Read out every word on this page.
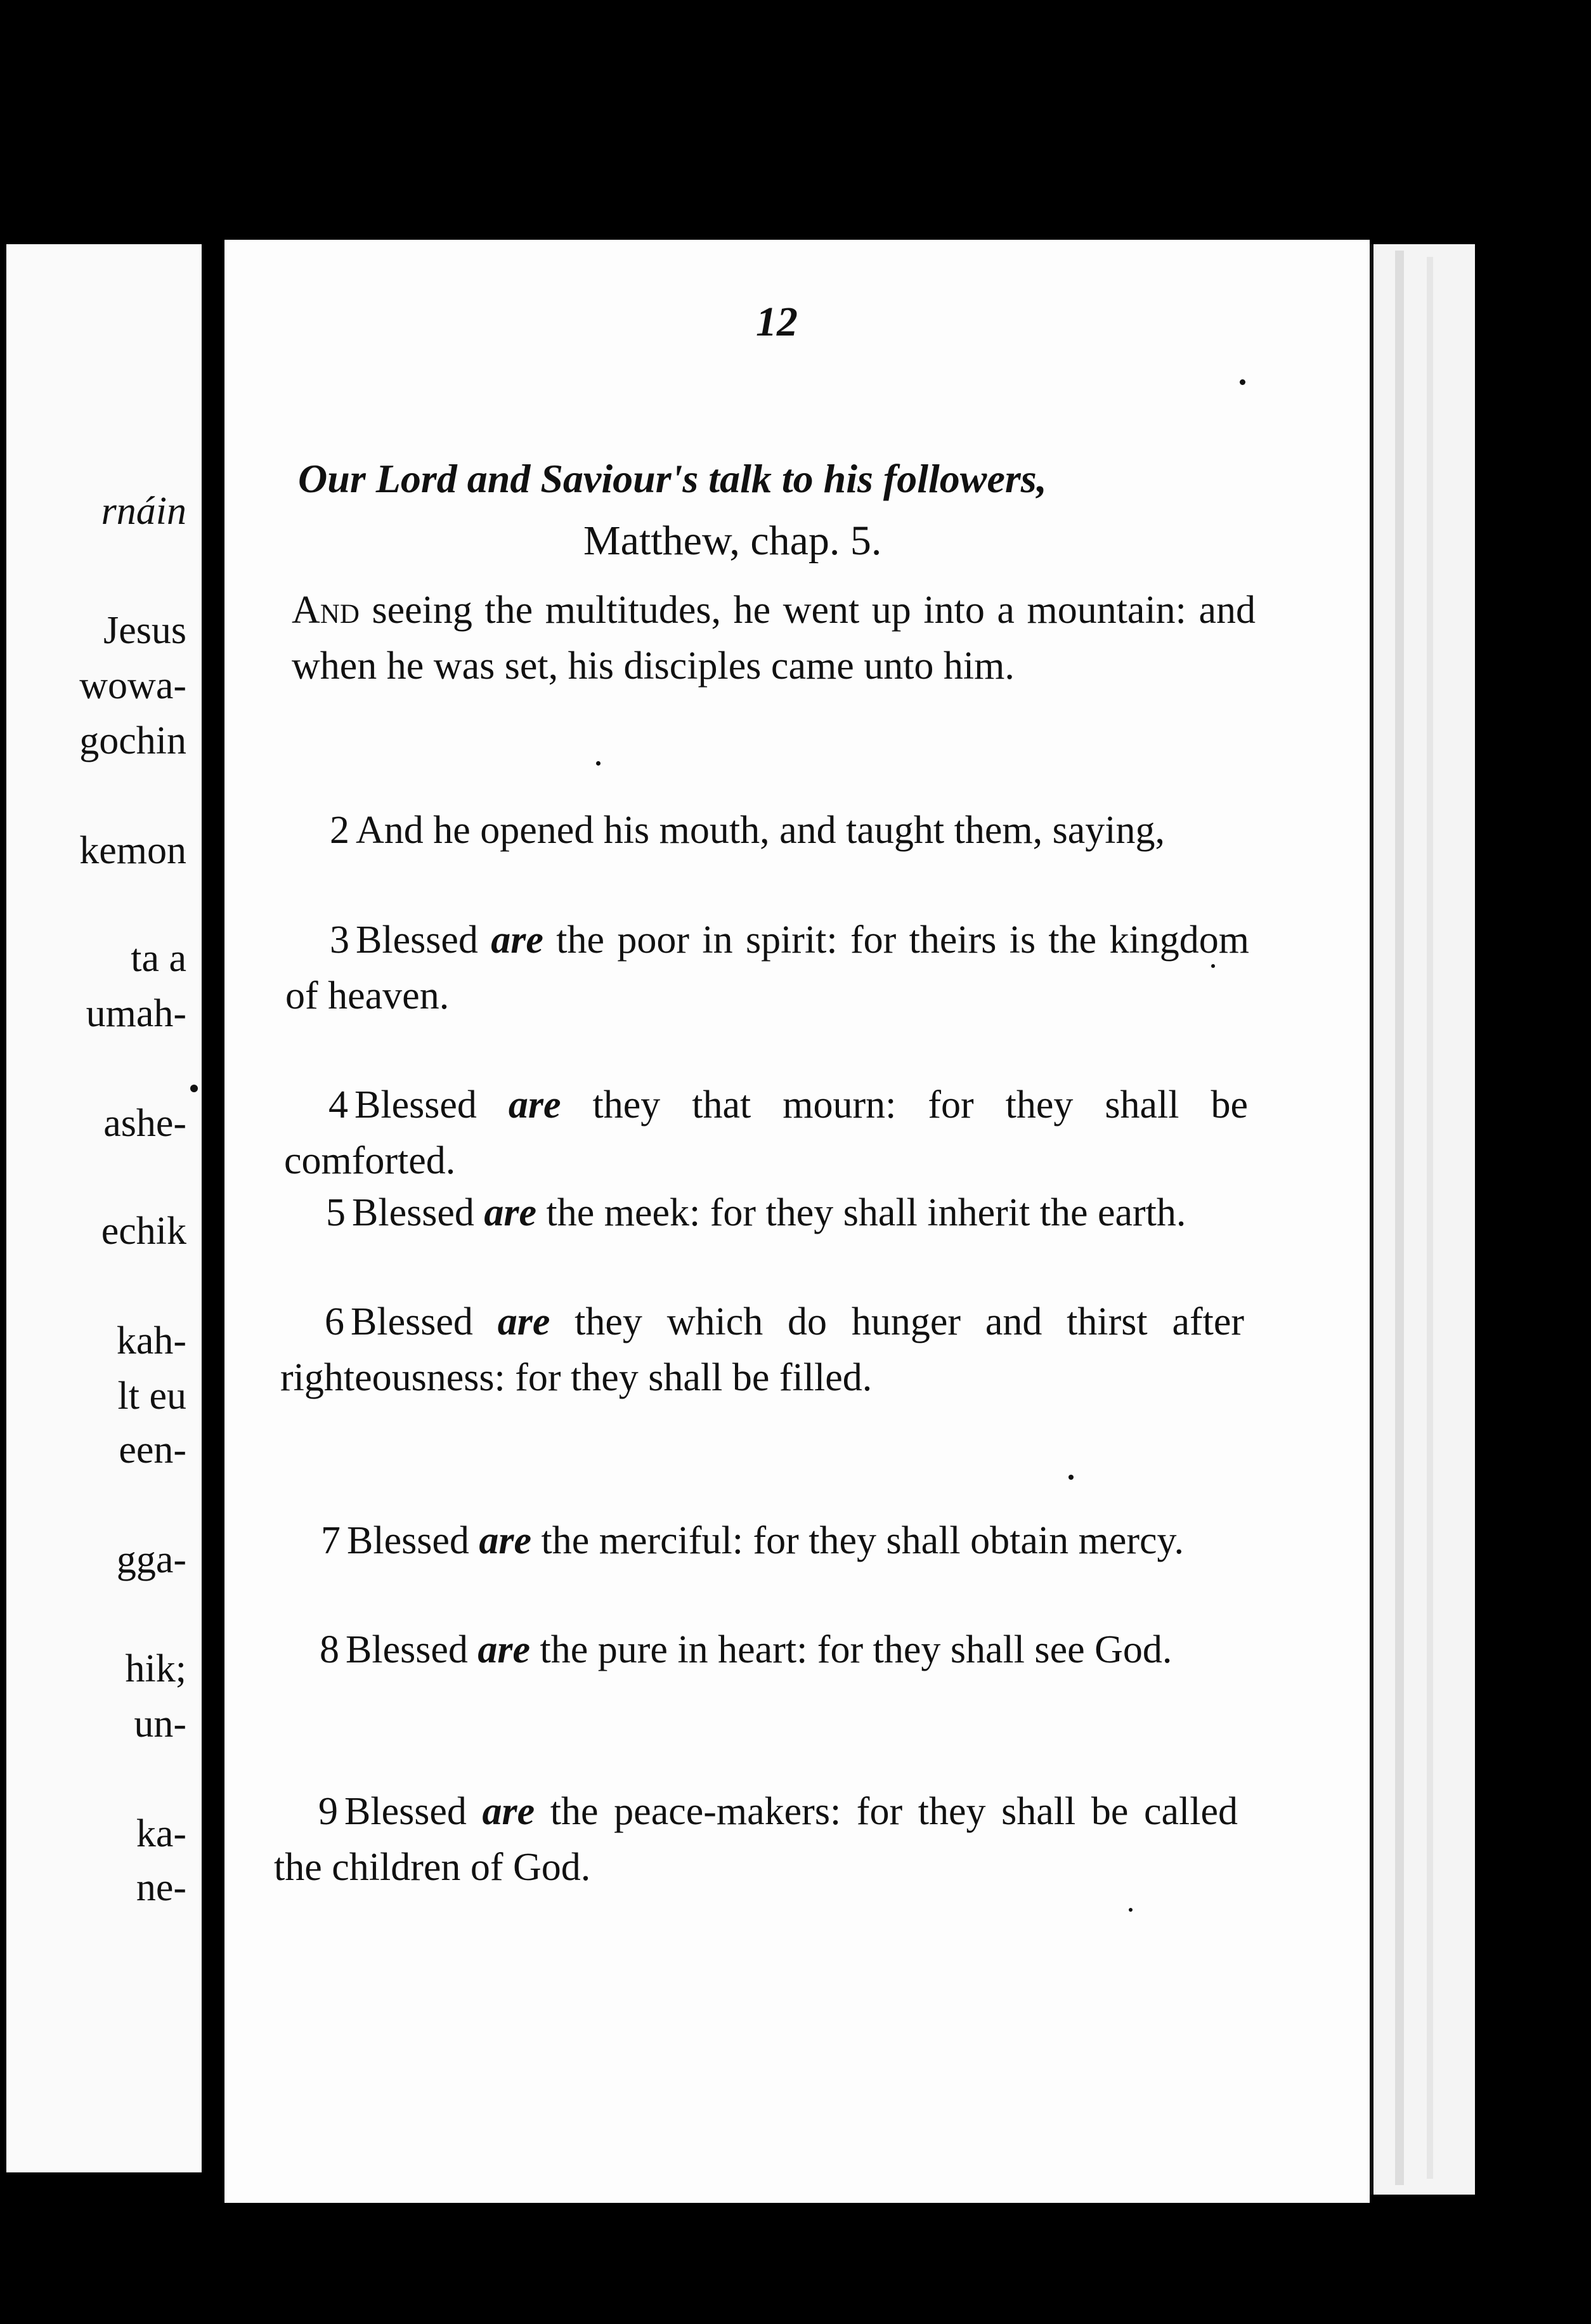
rnáin
Jesus
wowa-
gochin
kemon
ta a
umah-
ashe-
echik
kah-
lt eu
een-
gga-
hik;
un-
ka-
ne-
12
Our Lord and Saviour's talk to his followers,
Matthew, chap. 5.
And seeing the multitudes, he went up into a mountain: and when he was set, his disciples came unto him.
2 And he opened his mouth, and taught them, saying,
3 Blessed are the poor in spirit: for theirs is the kingdom of heaven.
4 Blessed are they that mourn: for they shall be comforted.
5 Blessed are the meek: for they shall inherit the earth.
6 Blessed are they which do hunger and thirst after righteousness: for they shall be filled.
7 Blessed are the merciful: for they shall obtain mercy.
8 Blessed are the pure in heart: for they shall see God.
9 Blessed are the peace-makers: for they shall be called the children of God.
